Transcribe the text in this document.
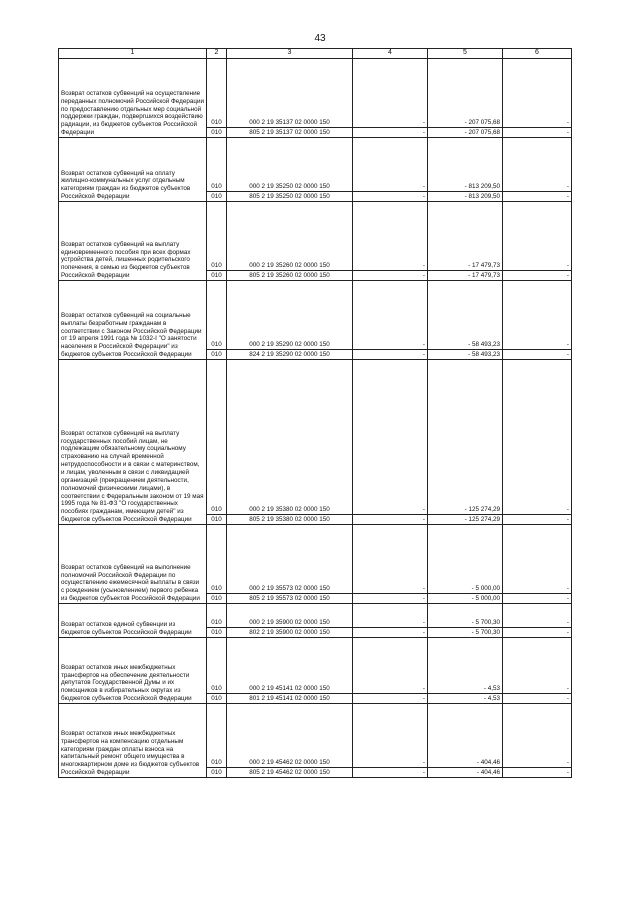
43
1	2	3	4	5	6

Возврат остатков субвенций на осуществление переданных полномочий Российской Федерации по предоставлению отдельных мер социальной поддержки граждан, подвергшихся воздействию радиации, из бюджетов субъектов Российской Федерации	010	000 2 19 35137 02 0000 150	-	- 207 075,68	-
	010	805 2 19 35137 02 0000 150	-	- 207 075,68	-

Возврат остатков субвенций на оплату жилищно-коммунальных услуг отдельным категориям граждан из бюджетов субъектов Российской Федерации	010	000 2 19 35250 02 0000 150	-	- 813 209,50	-
	010	805 2 19 35250 02 0000 150	-	- 813 209,50	-

Возврат остатков субвенций на выплату единовременного пособия при всех формах устройства детей, лишенных родительского попечения, в семью из бюджетов субъектов Российской Федерации	010	000 2 19 35260 02 0000 150	-	- 17 479,73	-
	010	805 2 19 35260 02 0000 150	-	- 17 479,73	-

Возврат остатков субвенций на социальные выплаты безработным гражданам в соответствии с Законом Российской Федерации от 19 апреля 1991 года № 1032-I "О занятости населения в Российской Федерации" из бюджетов субъектов Российской Федерации	010	000 2 19 35290 02 0000 150	-	- 58 493,23	-
	010	824 2 19 35290 02 0000 150	-	- 58 493,23	-

Возврат остатков субвенций на выплату государственных пособий лицам, не подлежащим обязательному социальному страхованию на случай временной нетрудоспособности и в связи с материнством, и лицам, уволенным в связи с ликвидацией организаций (прекращением деятельности, полномочий физическими лицами), в соответствии с Федеральным законом от 19 мая 1995 года № 81-ФЗ "О государственных пособиях гражданам, имеющим детей" из бюджетов субъектов Российской Федерации	010	000 2 19 35380 02 0000 150	-	- 125 274,29	-
	010	805 2 19 35380 02 0000 150	-	- 125 274,29	-

Возврат остатков субвенций на выполнение полномочий Российской Федерации по осуществлению ежемесячной выплаты в связи с рождением (усыновлением) первого ребенка из бюджетов субъектов Российской Федерации	010	000 2 19 35573 02 0000 150	-	- 5 000,00	-
	010	805 2 19 35573 02 0000 150	-	- 5 000,00	-

Возврат остатков единой субвенции из бюджетов субъектов Российской Федерации	010	000 2 19 35900 02 0000 150	-	- 5 700,30	-
	010	802 2 19 35900 02 0000 150	-	- 5 700,30	-

Возврат остатков иных межбюджетных трансфертов на обеспечение деятельности депутатов Государственной Думы и их помощников в избирательных округах из бюджетов субъектов Российской Федерации	010	000 2 19 45141 02 0000 150	-	- 4,53	-
	010	801 2 19 45141 02 0000 150	-	- 4,53	-

Возврат остатков иных межбюджетных трансфертов на компенсацию отдельным категориям граждан оплаты взноса на капитальный ремонт общего имущества в многоквартирном доме из бюджетов субъектов Российской Федерации	010	000 2 19 45462 02 0000 150	-	- 404,46	-
	010	805 2 19 45462 02 0000 150	-	- 404,46	-
